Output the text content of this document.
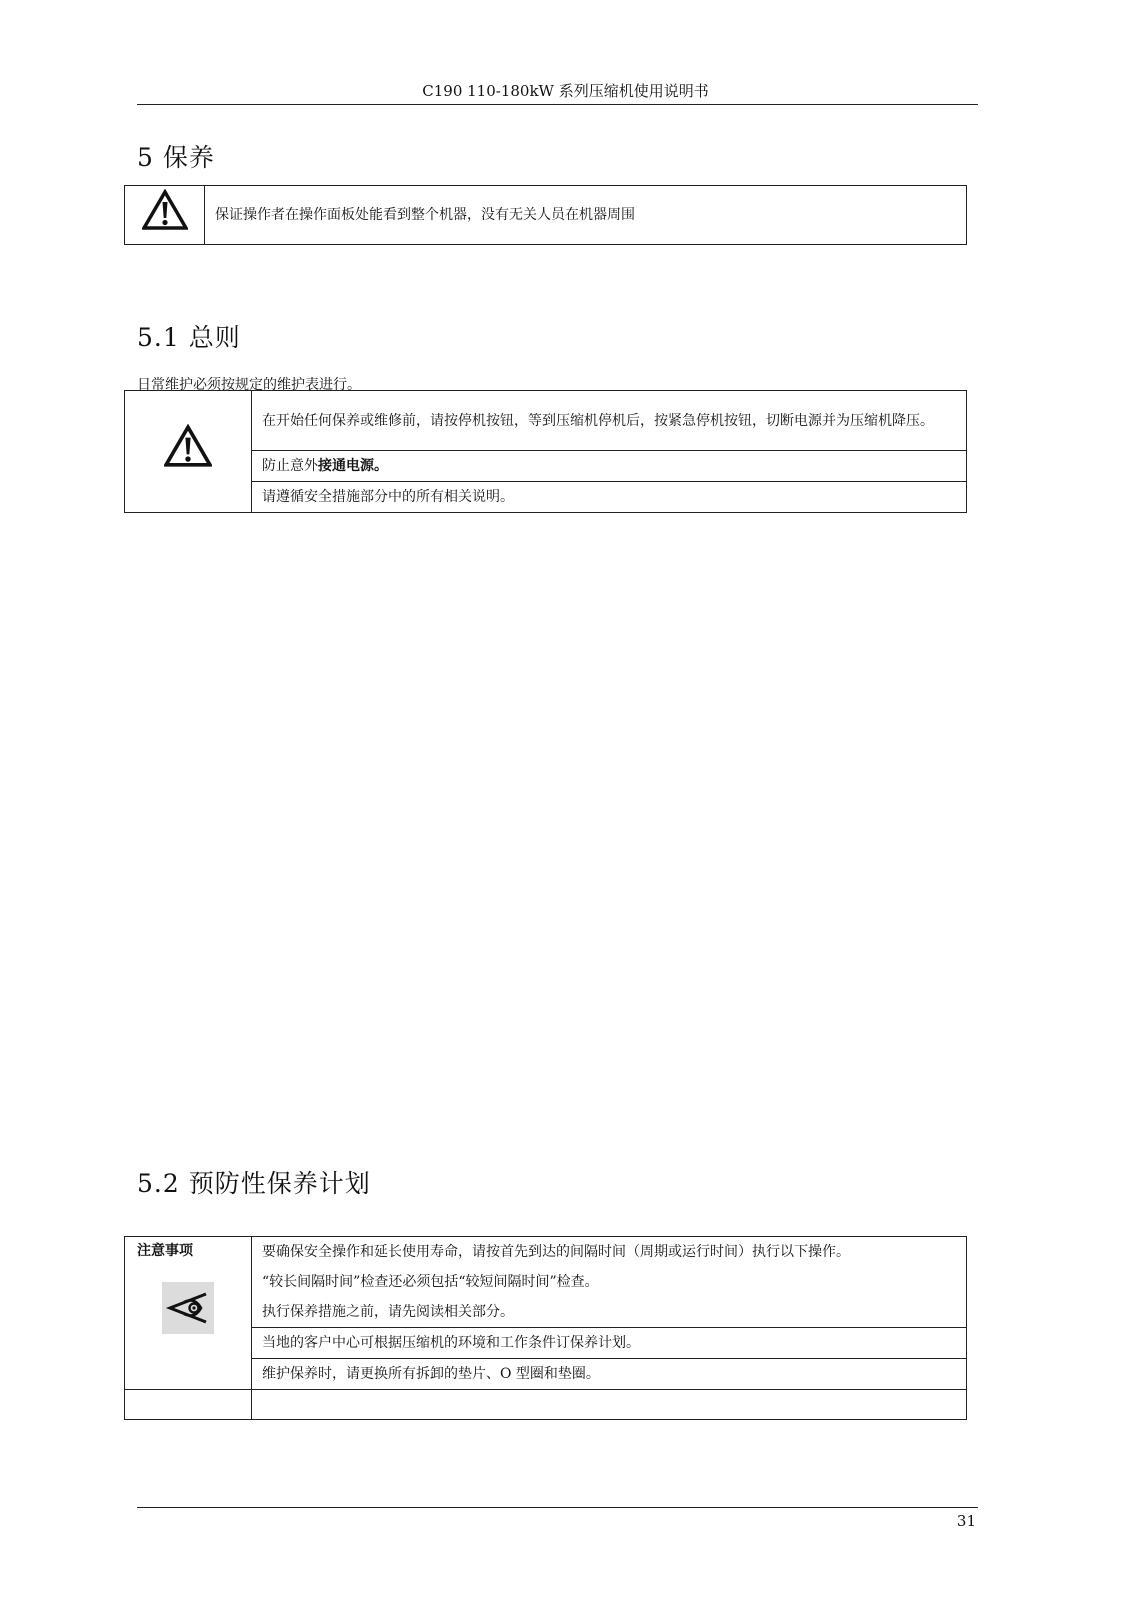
C190 110-180kW 系列压缩机使用说明书
5 保养
	保证操作者在操作面板处能看到整个机器，没有无关人员在机器周围
5.1 总则
日常维护必须按规定的维护表进行。
	在开始任何保养或维修前，请按停机按钮，等到压缩机停机后，按紧急停机按钮，切断电源并为压缩机降压。
防止意外接通电源。
请遵循安全措施部分中的所有相关说明。
5.2 预防性保养计划
注意事项
		要确保安全操作和延长使用寿命，请按首先到达的间隔时间（周期或运行时间）执行以下操作。
“较长间隔时间”检查还必须包括“较短间隔时间”检查。
执行保养措施之前，请先阅读相关部分。

	当地的客户中心可根据压缩机的环境和工作条件订保养计划。
	维护保养时，请更换所有拆卸的垫片、O 型圈和垫圈。

31
